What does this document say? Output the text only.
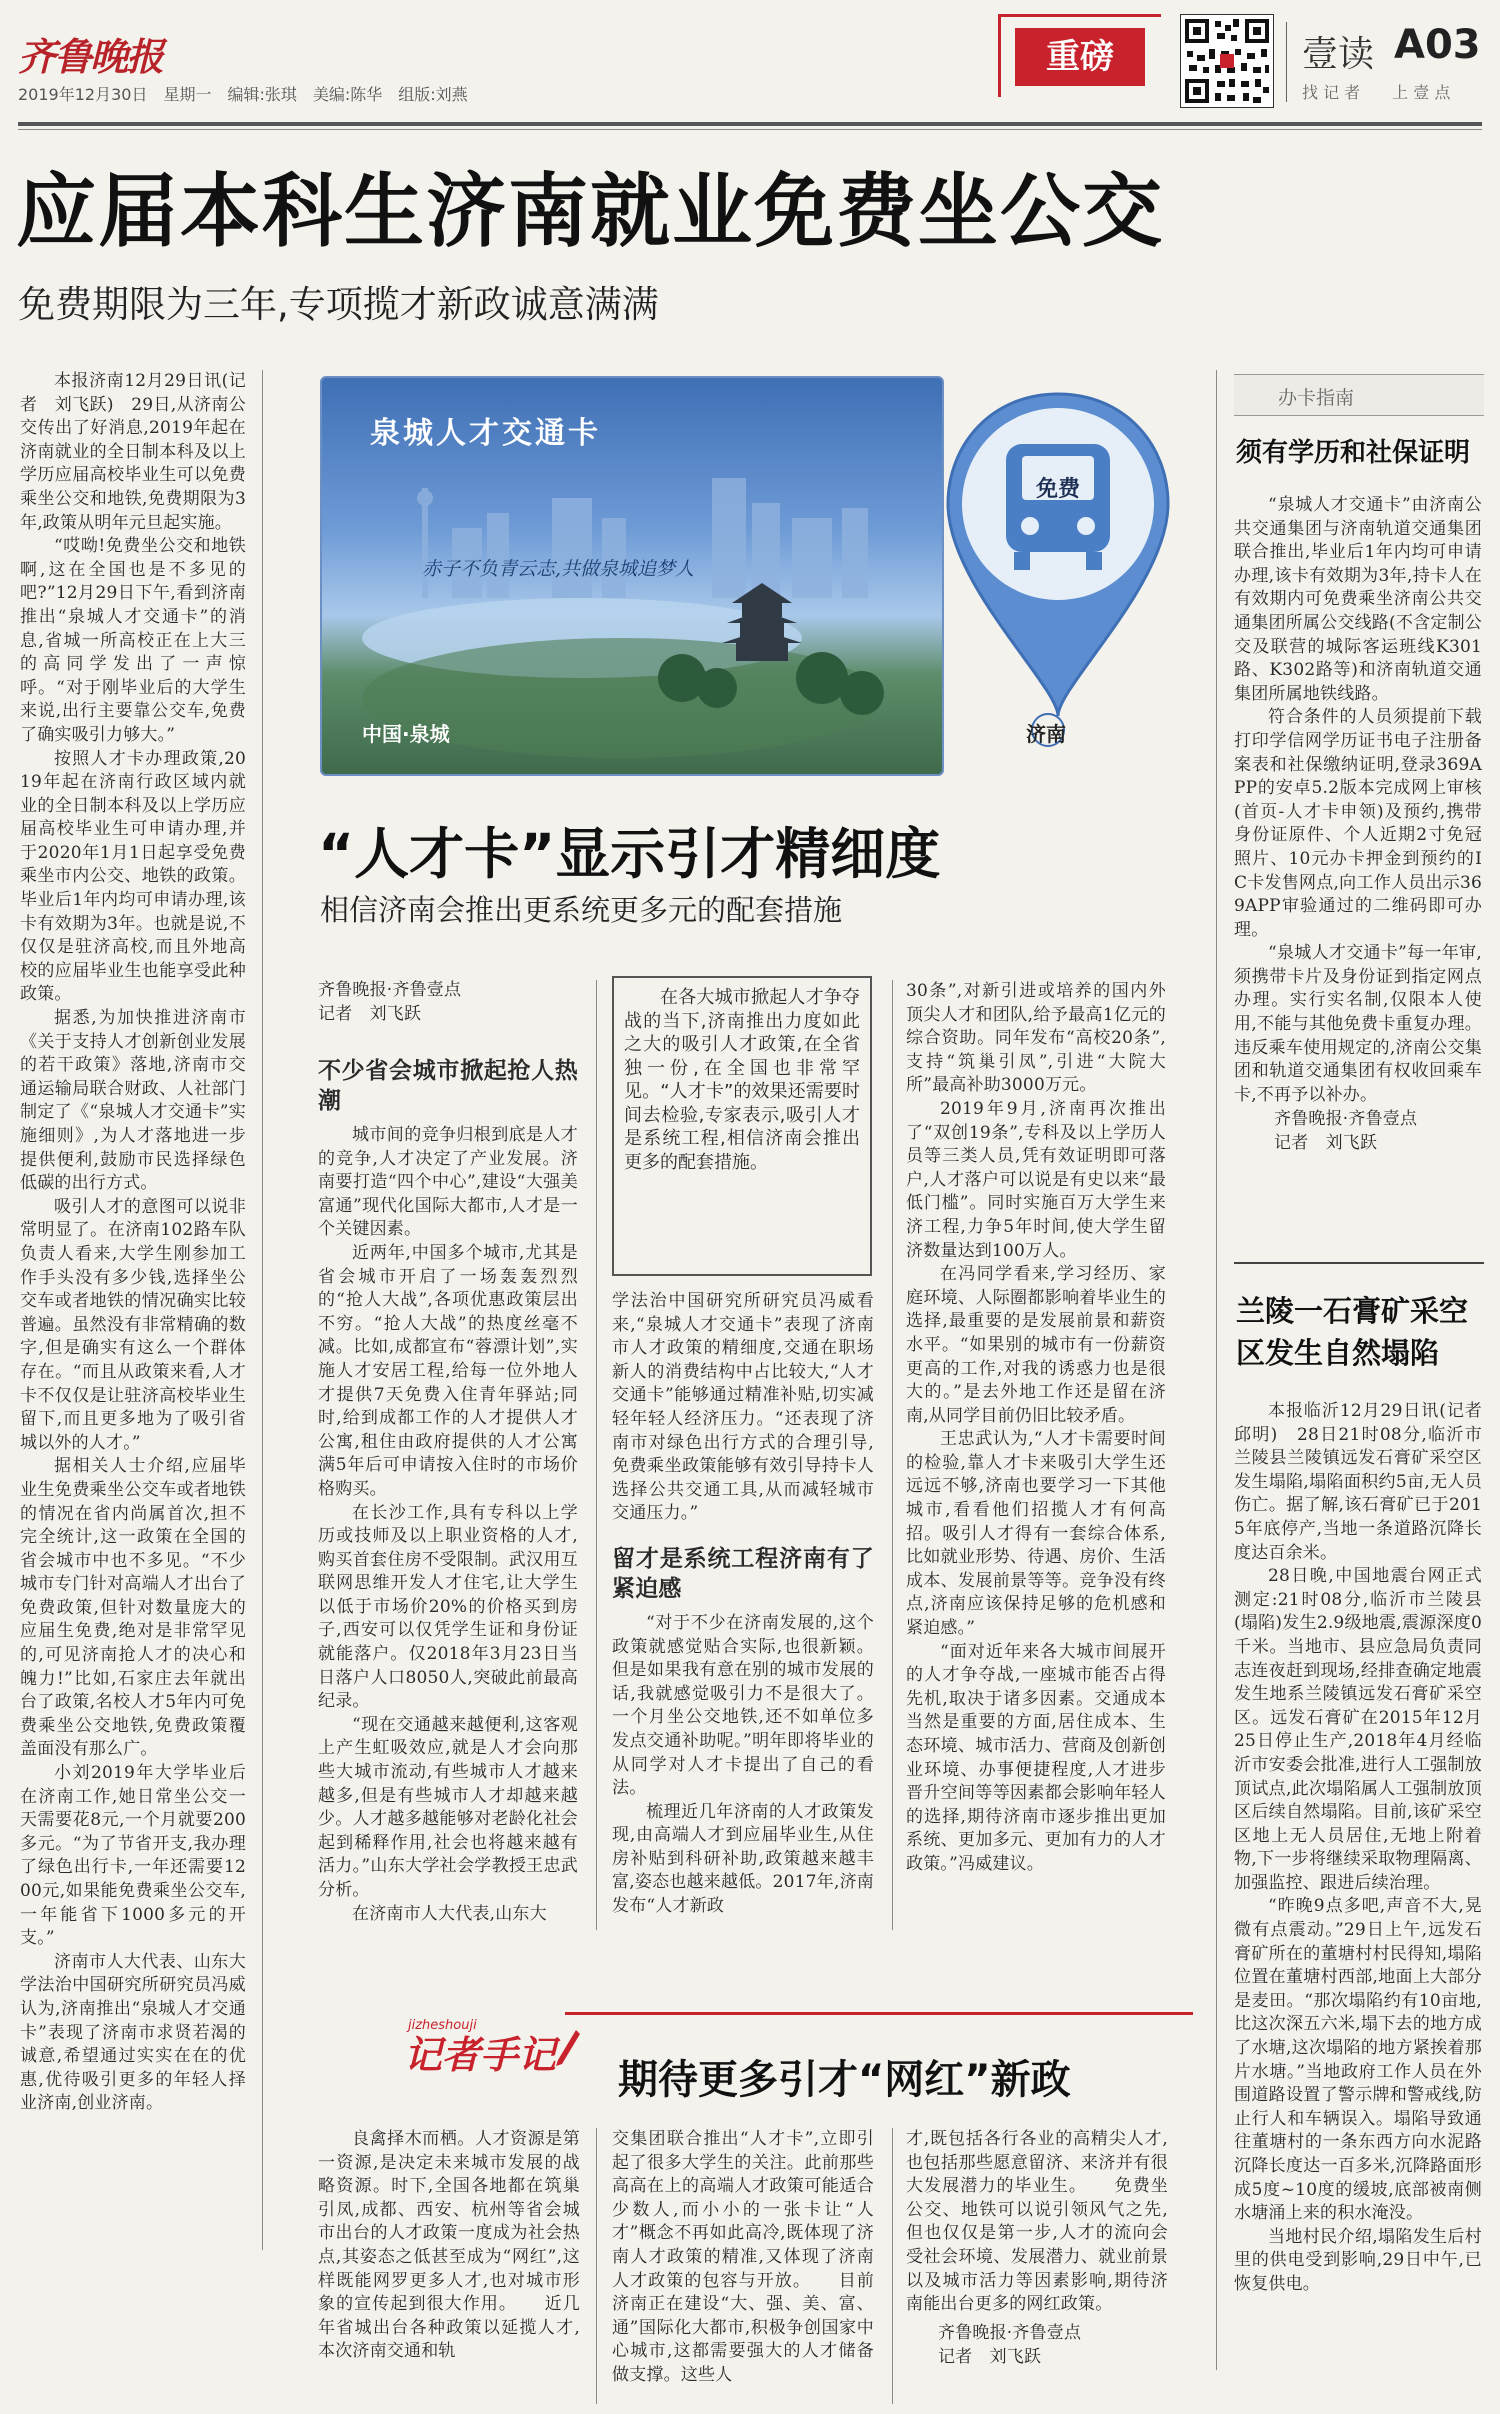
齐鲁晚报
2019年12月30日　星期一　编辑:张琪　美编:陈华　组版:刘燕
重磅	壹读 A03
找 记 者　　上 壹 点
应届本科生济南就业免费坐公交
免费期限为三年,专项揽才新政诚意满满

本报济南12月29日讯(记者　刘飞跃)　29日,从济南公交传出了好消息,2019年起在济南就业的全日制本科及以上学历应届高校毕业生可以免费乘坐公交和地铁,免费期限为3年,政策从明年元旦起实施。

“哎呦!免费坐公交和地铁啊,这在全国也是不多见的吧?”12月29日下午,看到济南推出“泉城人才交通卡”的消息,省城一所高校正在上大三的高同学发出了一声惊呼。“对于刚毕业后的大学生来说,出行主要靠公交车,免费了确实吸引力够大。”

按照人才卡办理政策,2019年起在济南行政区域内就业的全日制本科及以上学历应届高校毕业生可申请办理,并于2020年1月1日起享受免费乘坐市内公交、地铁的政策。毕业后1年内均可申请办理,该卡有效期为3年。也就是说,不仅仅是驻济高校,而且外地高校的应届毕业生也能享受此种政策。

据悉,为加快推进济南市《关于支持人才创新创业发展的若干政策》落地,济南市交通运输局联合财政、人社部门制定了《“泉城人才交通卡”实施细则》,为人才落地进一步提供便利,鼓励市民选择绿色低碳的出行方式。

吸引人才的意图可以说非常明显了。在济南102路车队负责人看来,大学生刚参加工作手头没有多少钱,选择坐公交车或者地铁的情况确实比较普遍。虽然没有非常精确的数字,但是确实有这么一个群体存在。“而且从政策来看,人才卡不仅仅是让驻济高校毕业生留下,而且更多地为了吸引省城以外的人才。”

据相关人士介绍,应届毕业生免费乘坐公交车或者地铁的情况在省内尚属首次,担不完全统计,这一政策在全国的省会城市中也不多见。“不少城市专门针对高端人才出台了免费政策,但针对数量庞大的应届生免费,绝对是非常罕见的,可见济南抢人才的决心和魄力!”比如,石家庄去年就出台了政策,名校人才5年内可免费乘坐公交地铁,免费政策覆盖面没有那么广。

小刘2019年大学毕业后在济南工作,她日常坐公交一天需要花8元,一个月就要200多元。“为了节省开支,我办理了绿色出行卡,一年还需要1200元,如果能免费乘坐公交车,一年能省下1000多元的开支。”

济南市人大代表、山东大学法治中国研究所研究员冯威认为,济南推出“泉城人才交通卡”表现了济南市求贤若渴的诚意,希望通过实实在在的优惠,优待吸引更多的年轻人择业济南,创业济南。

泉城人才交通卡
赤子不负青云志,共做泉城追梦人
中国·泉城
免费
济南
“人才卡”显示引才精细度
相信济南会推出更系统更多元的配套措施
齐鲁晚报·齐鲁壹点
记者　刘飞跃
不少省会城市掀起抢人热潮

城市间的竞争归根到底是人才的竞争,人才决定了产业发展。济南要打造“四个中心”,建设“大强美富通”现代化国际大都市,人才是一个关键因素。

近两年,中国多个城市,尤其是省会城市开启了一场轰轰烈烈的“抢人大战”,各项优惠政策层出不穷。“抢人大战”的热度丝毫不减。比如,成都宣布“蓉漂计划”,实施人才安居工程,给每一位外地人才提供7天免费入住青年驿站;同时,给到成都工作的人才提供人才公寓,租住由政府提供的人才公寓满5年后可申请按入住时的市场价格购买。

在长沙工作,具有专科以上学历或技师及以上职业资格的人才,购买首套住房不受限制。武汉用互联网思维开发人才住宅,让大学生以低于市场价20%的价格买到房子,西安可以仅凭学生证和身份证就能落户。仅2018年3月23日当日落户人口8050人,突破此前最高纪录。

“现在交通越来越便利,这客观上产生虹吸效应,就是人才会向那些大城市流动,有些城市人才越来越多,但是有些城市人才却越来越少。人才越多越能够对老龄化社会起到稀释作用,社会也将越来越有活力。”山东大学社会学教授王忠武分析。

在济南市人大代表,山东大

在各大城市掀起人才争夺战的当下,济南推出力度如此之大的吸引人才政策,在全省独一份,在全国也非常罕见。“人才卡”的效果还需要时间去检验,专家表示,吸引人才是系统工程,相信济南会推出更多的配套措施。

学法治中国研究所研究员冯威看来,“泉城人才交通卡”表现了济南市人才政策的精细度,交通在职场新人的消费结构中占比较大,“人才交通卡”能够通过精准补贴,切实减轻年轻人经济压力。“还表现了济南市对绿色出行方式的合理引导,免费乘坐政策能够有效引导持卡人选择公共交通工具,从而减轻城市交通压力。”

留才是系统工程济南有了紧迫感

“对于不少在济南发展的,这个政策就感觉贴合实际,也很新颖。但是如果我有意在别的城市发展的话,我就感觉吸引力不是很大了。一个月坐公交地铁,还不如单位多发点交通补助呢。”明年即将毕业的从同学对人才卡提出了自己的看法。

梳理近几年济南的人才政策发现,由高端人才到应届毕业生,从住房补贴到科研补助,政策越来越丰富,姿态也越来越低。2017年,济南发布“人才新政

30条”,对新引进或培养的国内外顶尖人才和团队,给予最高1亿元的综合资助。同年发布“高校20条”,支持“筑巢引凤”,引进“大院大所”最高补助3000万元。

2019年9月,济南再次推出了“双创19条”,专科及以上学历人员等三类人员,凭有效证明即可落户,人才落户可以说是有史以来“最低门槛”。同时实施百万大学生来济工程,力争5年时间,使大学生留济数量达到100万人。

在冯同学看来,学习经历、家庭环境、人际圈都影响着毕业生的选择,最重要的是发展前景和薪资水平。“如果别的城市有一份薪资更高的工作,对我的诱惑力也是很大的。”是去外地工作还是留在济南,从同学目前仍旧比较矛盾。

王忠武认为,“人才卡需要时间的检验,靠人才卡来吸引大学生还远远不够,济南也要学习一下其他城市,看看他们招揽人才有何高招。吸引人才得有一套综合体系,比如就业形势、待遇、房价、生活成本、发展前景等等。竞争没有终点,济南应该保持足够的危机感和紧迫感。”

“面对近年来各大城市间展开的人才争夺战,一座城市能否占得先机,取决于诸多因素。交通成本当然是重要的方面,居住成本、生态环境、城市活力、营商及创新创业环境、办事便捷程度,人才进步晋升空间等等因素都会影响年轻人的选择,期待济南市逐步推出更加系统、更加多元、更加有力的人才政策。”冯威建议。

jizheshouji
记者手记
期待更多引才“网红”新政

良禽择木而栖。人才资源是第一资源,是决定未来城市发展的战略资源。时下,全国各地都在筑巢引凤,成都、西安、杭州等省会城市出台的人才政策一度成为社会热点,其姿态之低甚至成为“网红”,这样既能网罗更多人才,也对城市形象的宣传起到很大作用。　　近几年省城出台各种政策以延揽人才,本次济南交通和轨

交集团联合推出“人才卡”,立即引起了很多大学生的关注。此前那些高高在上的高端人才政策可能适合少数人,而小小的一张卡让“人才”概念不再如此高冷,既体现了济南人才政策的精准,又体现了济南人才政策的包容与开放。　　目前济南正在建设“大、强、美、富、通”国际化大都市,积极争创国家中心城市,这都需要强大的人才储备做支撑。这些人

才,既包括各行各业的高精尖人才,也包括那些愿意留济、来济并有很大发展潜力的毕业生。　　免费坐公交、地铁可以说引领风气之先,但也仅仅是第一步,人才的流向会受社会环境、发展潜力、就业前景以及城市活力等因素影响,期待济南能出台更多的网红政策。

齐鲁晚报·齐鲁壹点
记者　刘飞跃
办卡指南
须有学历和社保证明

“泉城人才交通卡”由济南公共交通集团与济南轨道交通集团联合推出,毕业后1年内均可申请办理,该卡有效期为3年,持卡人在有效期内可免费乘坐济南公共交通集团所属公交线路(不含定制公交及联营的城际客运班线K301路、K302路等)和济南轨道交通集团所属地铁线路。

符合条件的人员须提前下载打印学信网学历证书电子注册备案表和社保缴纳证明,登录369APP的安卓5.2版本完成网上审核(首页-人才卡申领)及预约,携带身份证原件、个人近期2寸免冠照片、10元办卡押金到预约的IC卡发售网点,向工作人员出示369APP审验通过的二维码即可办理。

“泉城人才交通卡”每一年审,须携带卡片及身份证到指定网点办理。实行实名制,仅限本人使用,不能与其他免费卡重复办理。违反乘车使用规定的,济南公交集团和轨道交通集团有权收回乘车卡,不再予以补办。

齐鲁晚报·齐鲁壹点
记者　刘飞跃
兰陵一石膏矿采空区发生自然塌陷

本报临沂12月29日讯(记者　邱明)　28日21时08分,临沂市兰陵县兰陵镇远发石膏矿采空区发生塌陷,塌陷面积约5亩,无人员伤亡。据了解,该石膏矿已于2015年底停产,当地一条道路沉降长度达百余米。

28日晚,中国地震台网正式测定:21时08分,临沂市兰陵县(塌陷)发生2.9级地震,震源深度0千米。当地市、县应急局负责同志连夜赶到现场,经排查确定地震发生地系兰陵镇远发石膏矿采空区。远发石膏矿在2015年12月25日停止生产,2018年4月经临沂市安委会批准,进行人工强制放顶试点,此次塌陷属人工强制放顶区后续自然塌陷。目前,该矿采空区地上无人员居住,无地上附着物,下一步将继续采取物理隔离、加强监控、跟进后续治理。

“昨晚9点多吧,声音不大,晃微有点震动。”29日上午,远发石膏矿所在的董塘村村民得知,塌陷位置在董塘村西部,地面上大部分是麦田。“那次塌陷约有10亩地,比这次深五六米,塌下去的地方成了水塘,这次塌陷的地方紧挨着那片水塘。”当地政府工作人员在外围道路设置了警示牌和警戒线,防止行人和车辆误入。塌陷导致通往董塘村的一条东西方向水泥路沉降长度达一百多米,沉降路面形成5度~10度的缓坡,底部被南侧水塘涌上来的积水淹没。

当地村民介绍,塌陷发生后村里的供电受到影响,29日中午,已恢复供电。
